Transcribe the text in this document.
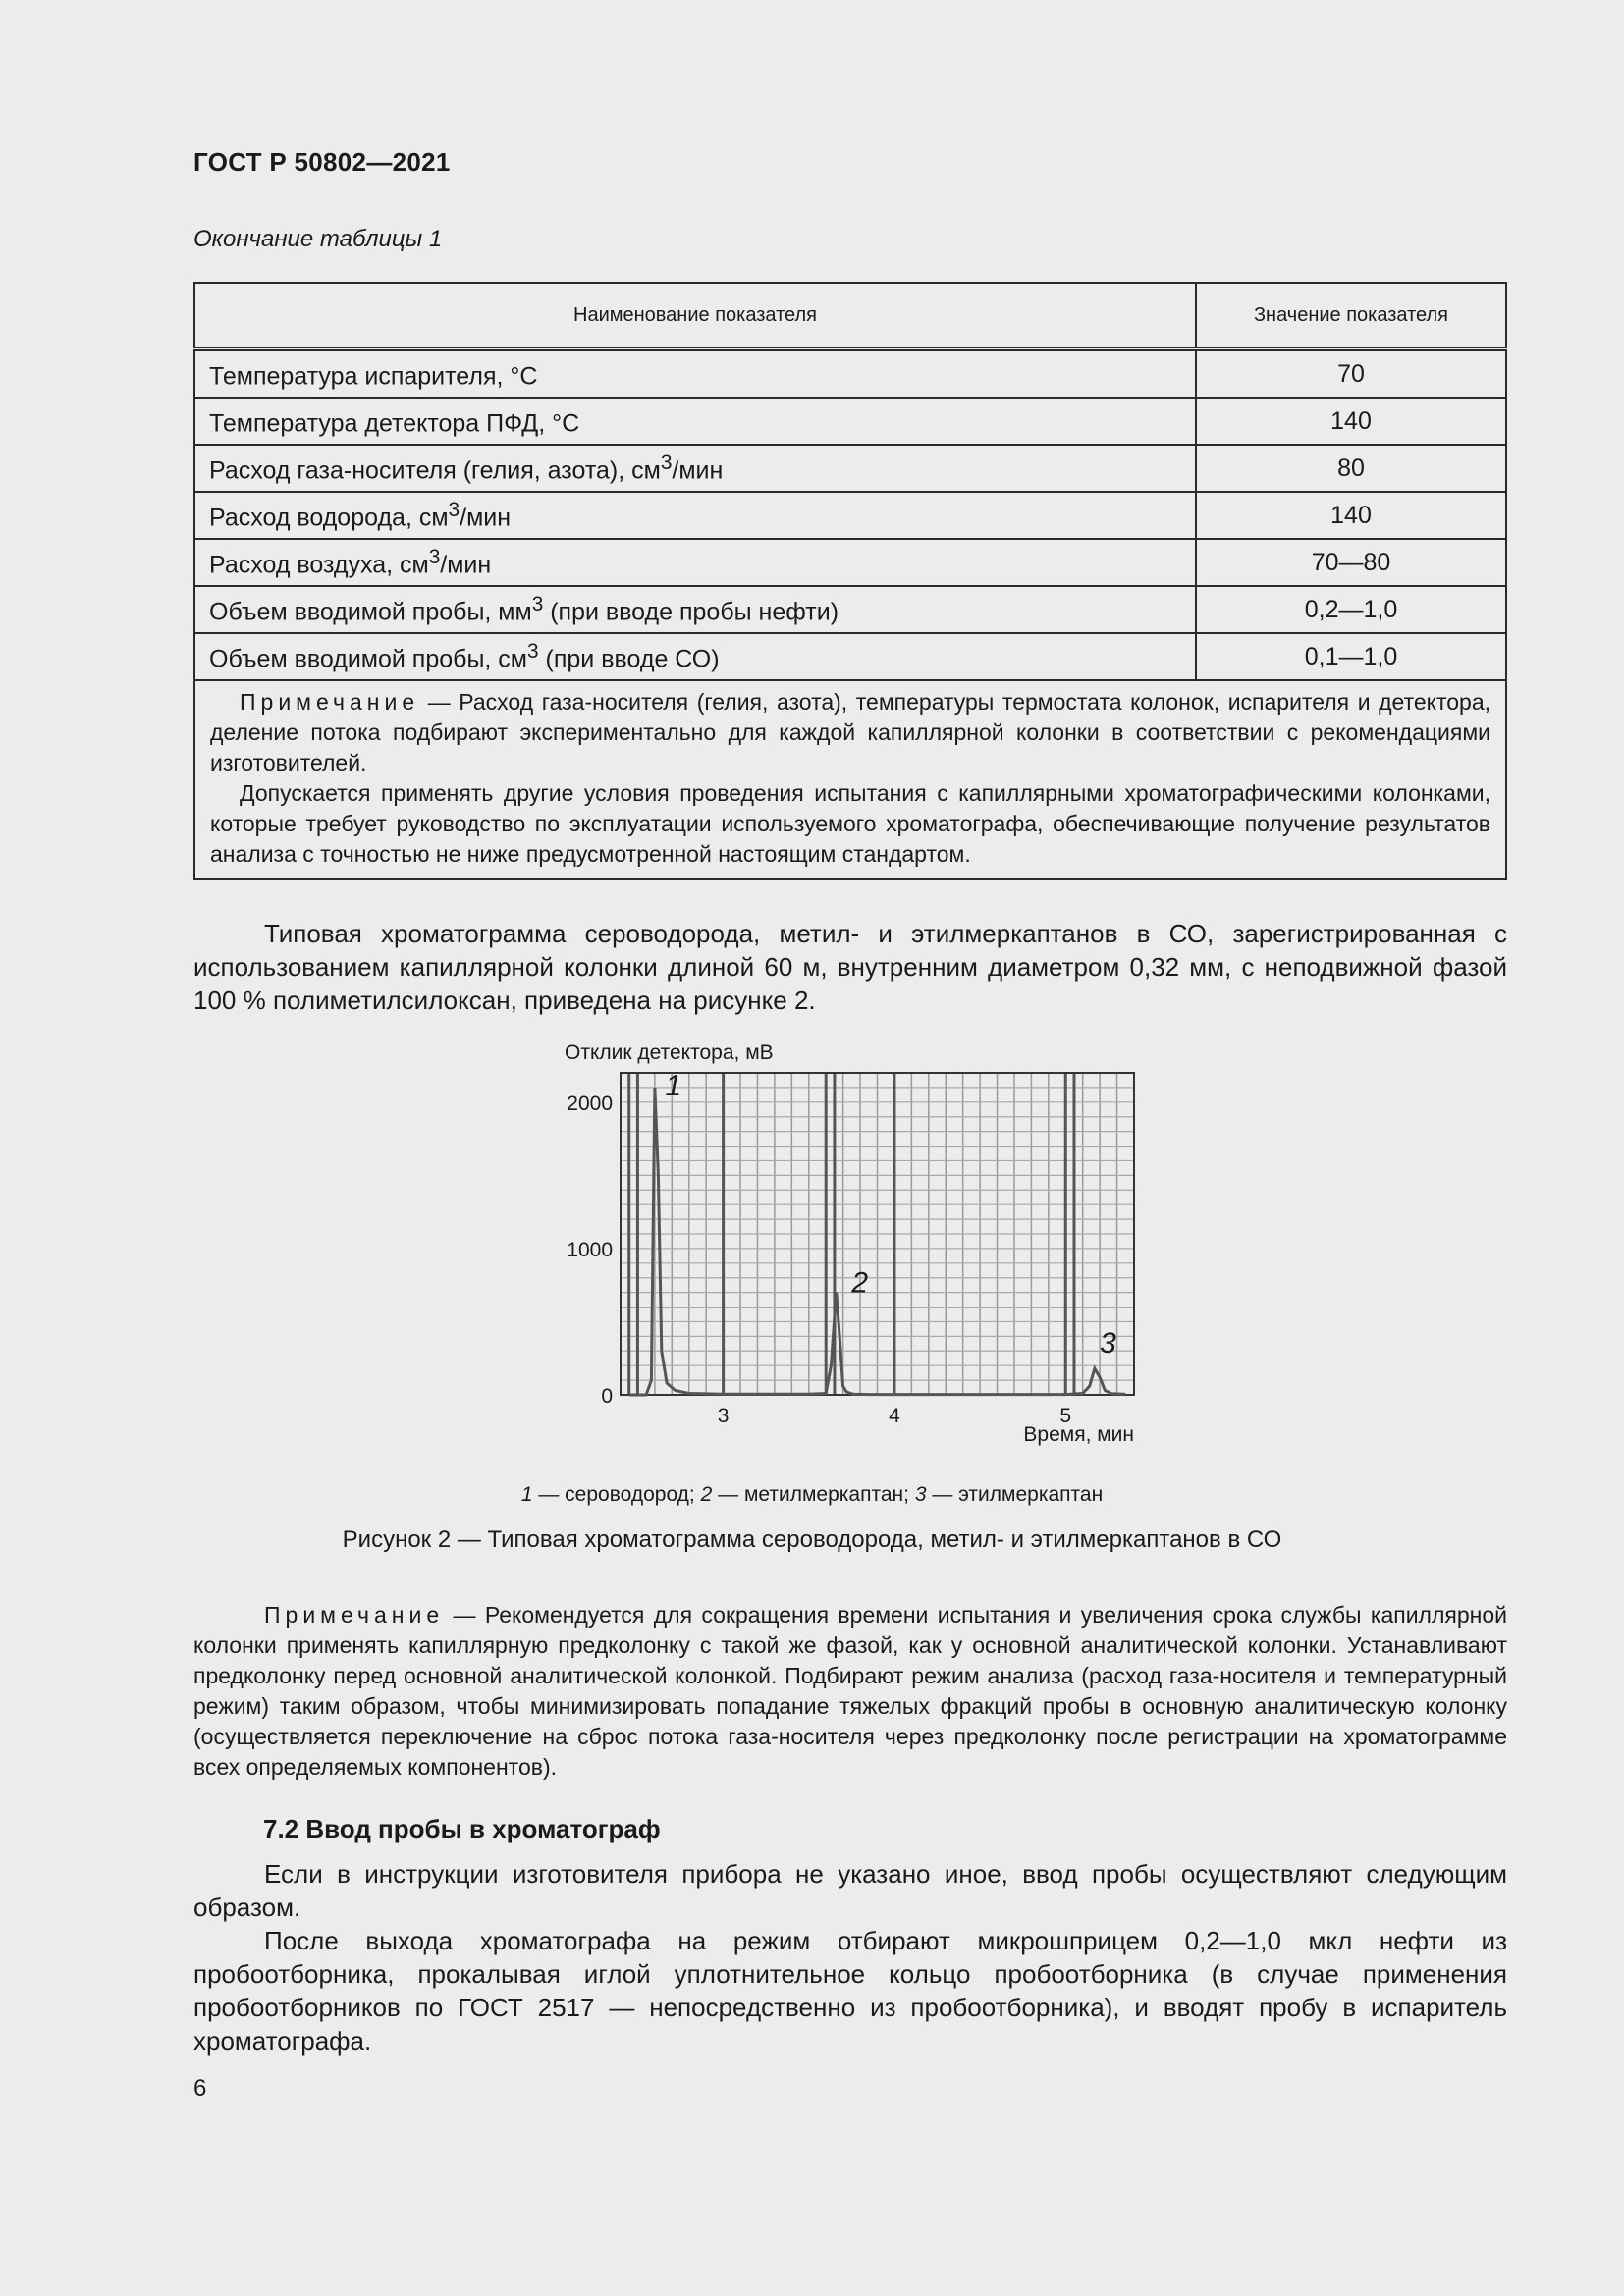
ГОСТ Р 50802—2021
Окончание таблицы 1
Наименование показателя	Значение показателя
Температура испарителя, °С	70
Температура детектора ПФД, °С	140
Расход газа-носителя (гелия, азота), $см^3$/мин	80
Расход водорода, $см^3$/мин	140
Расход воздуха, $см^3$/мин	70—80
Объем вводимой пробы, $мм^3$ (при вводе пробы нефти)	0,2—1,0
Объем вводимой пробы, $см^3$ (при вводе СО)	0,1—1,0

Примечание — Расход газа-носителя (гелия, азота), температуры термостата колонок, испарителя и детектора, деление потока подбирают экспериментально для каждой капиллярной колонки в соответствии с рекомендациями изготовителей.
Допускается применять другие условия проведения испытания с капиллярными хроматографическими колонками, которые требует руководство по эксплуатации используемого хроматографа, обеспечивающие получение результатов анализа с точностью не ниже предусмотренной настоящим стандартом.	
Типовая хроматограмма сероводорода, метил- и этилмеркаптанов в СО, зарегистрированная с использованием капиллярной колонки длиной 60 м, внутренним диаметром 0,32 мм, с неподвижной фазой 100 % полиметилсилоксан, приведена на рисунке 2.
0
1000
2000
3	4	5
1
2
3
Отклик детектора, мВ
Время, мин
1 — сероводород; 2 — метилмеркаптан; 3 — этилмеркаптан
Рисунок 2 — Типовая хроматограмма сероводорода, метил- и этилмеркаптанов в СО
Примечание — Рекомендуется для сокращения времени испытания и увеличения срока службы капиллярной колонки применять капиллярную предколонку с такой же фазой, как у основной аналитической колонки. Устанавливают предколонку перед основной аналитической колонкой. Подбирают режим анализа (расход газа-носителя и температурный режим) таким образом, чтобы минимизировать попадание тяжелых фракций пробы в основную аналитическую колонку (осуществляется переключение на сброс потока газа-носителя через предколонку после регистрации на хроматограмме всех определяемых компонентов).
7.2 Ввод пробы в хроматограф
Если в инструкции изготовителя прибора не указано иное, ввод пробы осуществляют следующим образом.
После выхода хроматографа на режим отбирают микрошприцем 0,2—1,0 мкл нефти из пробоотборника, прокалывая иглой уплотнительное кольцо пробоотборника (в случае применения пробоотборников по ГОСТ 2517 — непосредственно из пробоотборника), и вводят пробу в испаритель хроматографа.
6
